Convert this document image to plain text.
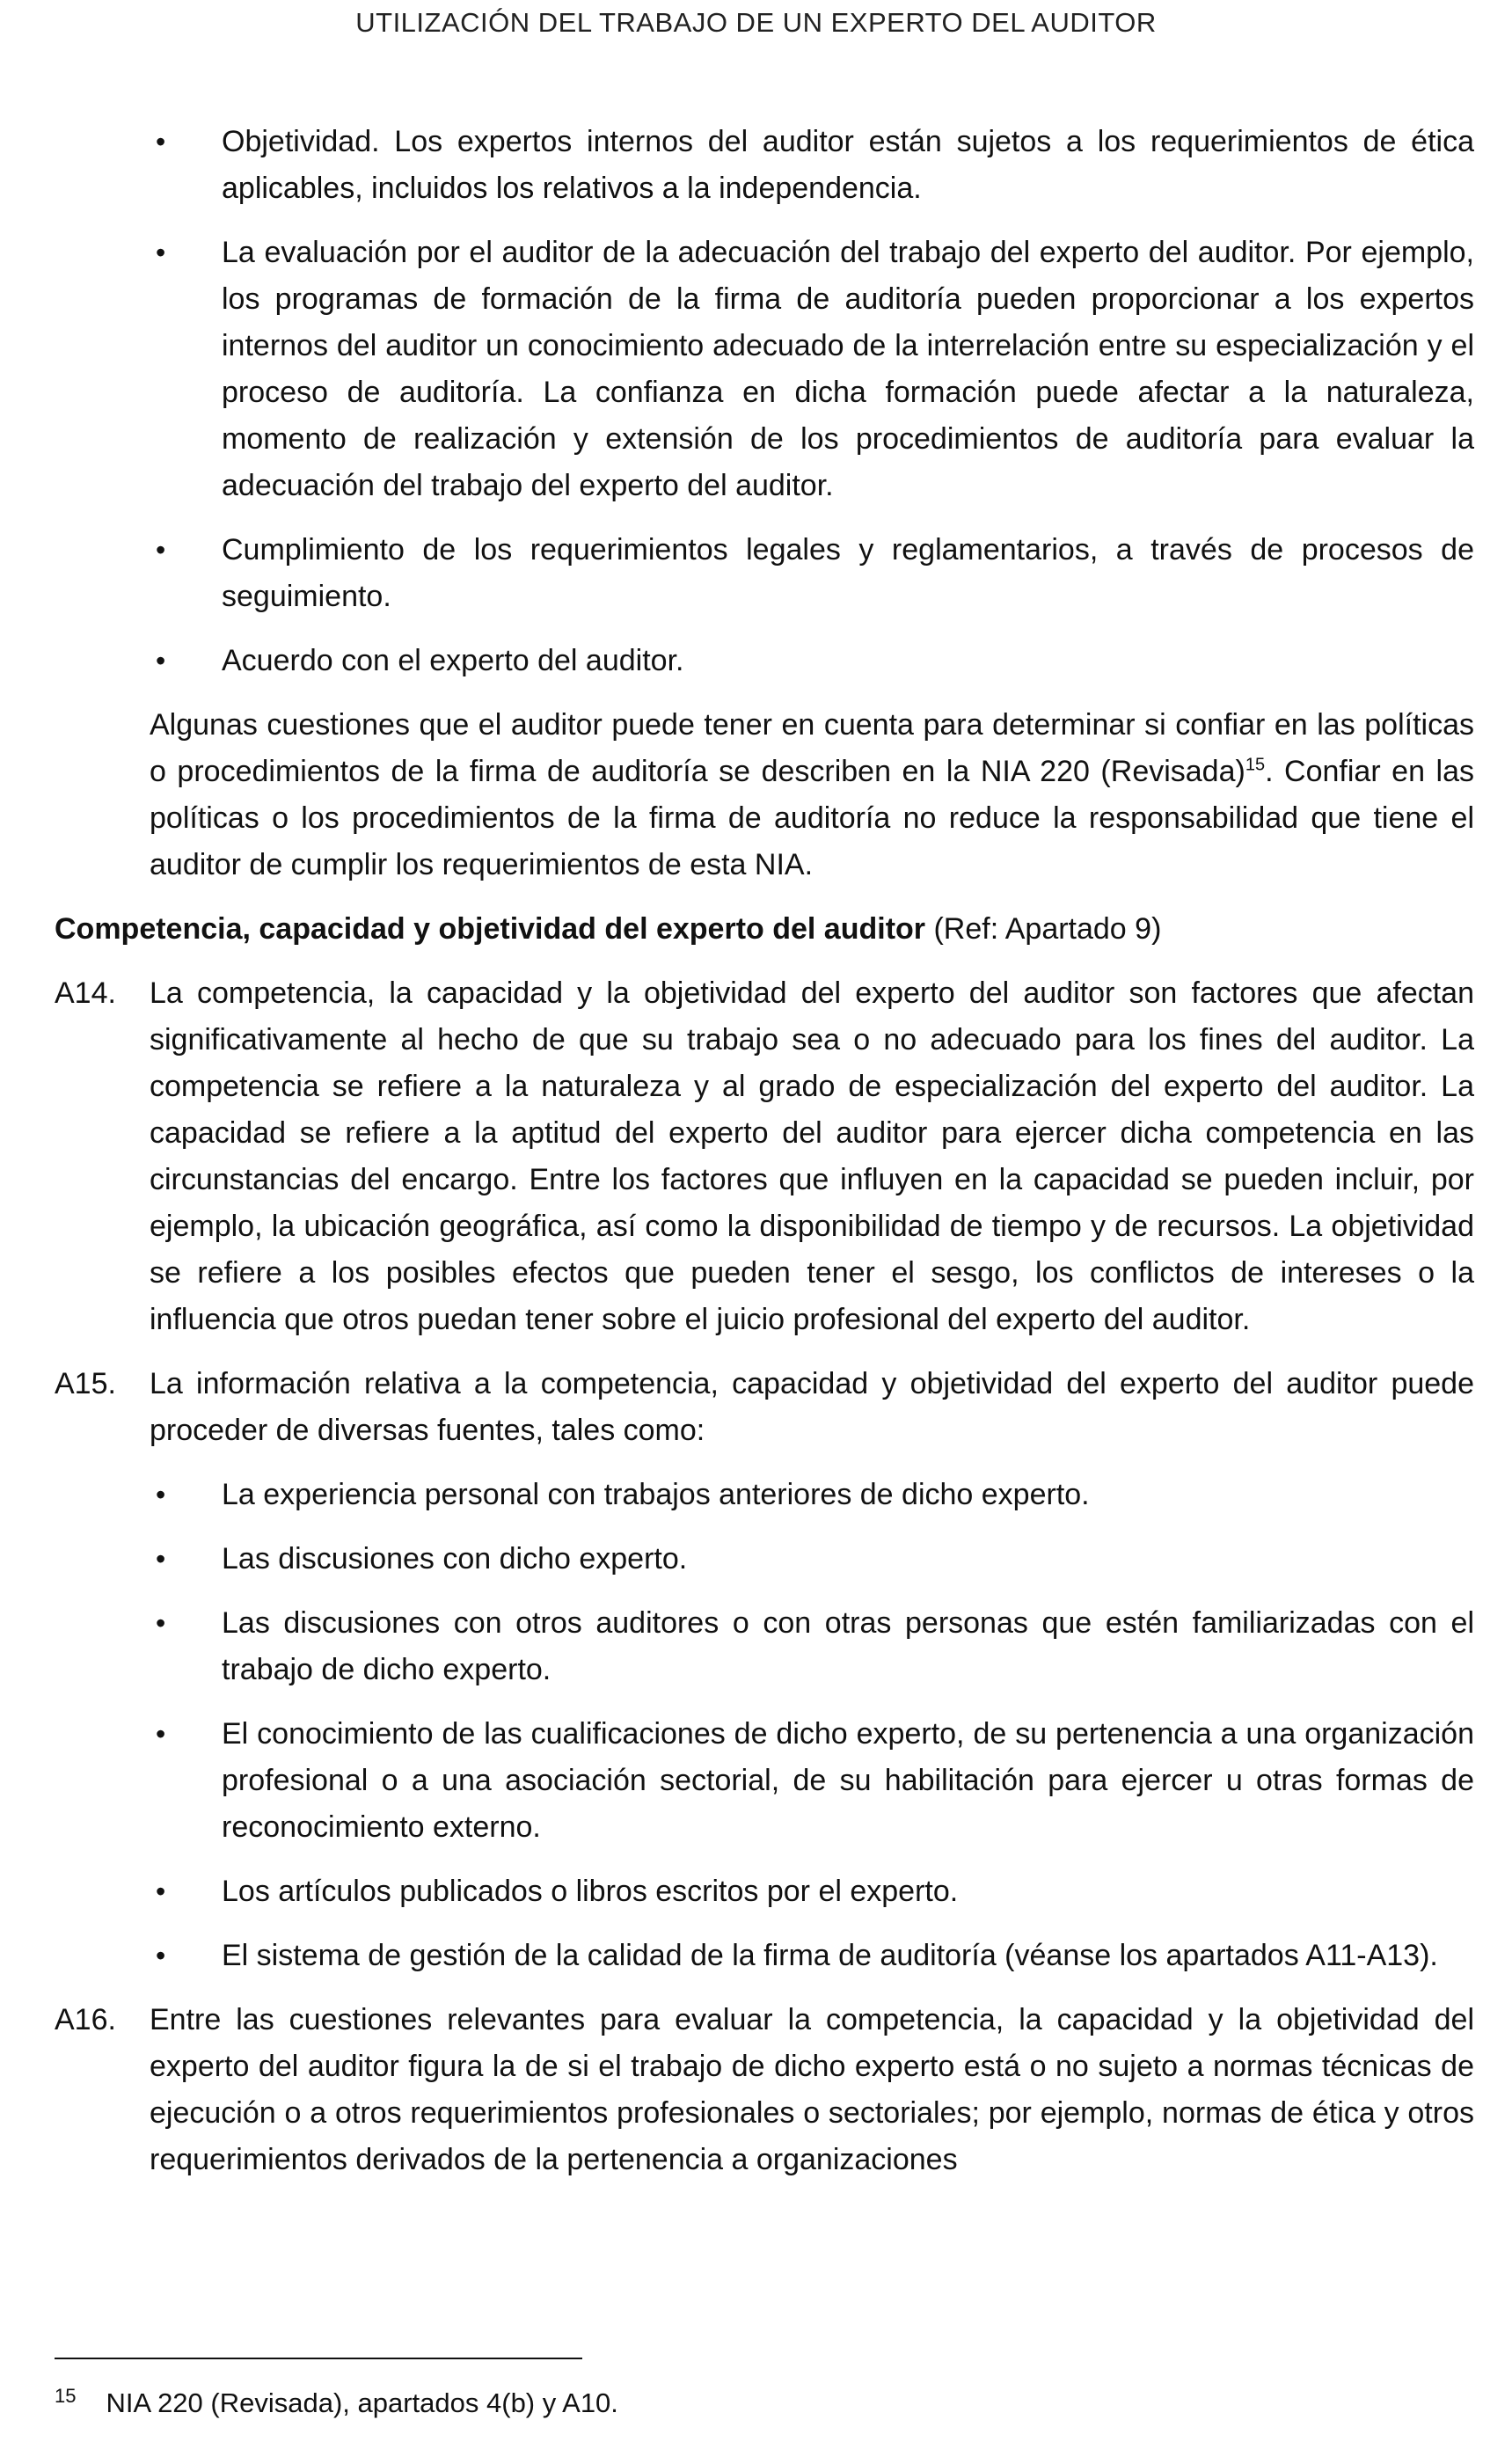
UTILIZACIÓN DEL TRABAJO DE UN EXPERTO DEL AUDITOR
• Objetividad. Los expertos internos del auditor están sujetos a los requerimientos de ética aplicables, incluidos los relativos a la independencia.
• La evaluación por el auditor de la adecuación del trabajo del experto del auditor. Por ejemplo, los programas de formación de la firma de auditoría pueden proporcionar a los expertos internos del auditor un conocimiento adecuado de la interrelación entre su especialización y el proceso de auditoría. La confianza en dicha formación puede afectar a la naturaleza, momento de realización y extensión de los procedimientos de auditoría para evaluar la adecuación del trabajo del experto del auditor.
• Cumplimiento de los requerimientos legales y reglamentarios, a través de procesos de seguimiento.
• Acuerdo con el experto del auditor.
Algunas cuestiones que el auditor puede tener en cuenta para determinar si confiar en las políticas o procedimientos de la firma de auditoría se describen en la NIA 220 (Revisada)$^{15}$. Confiar en las políticas o los procedimientos de la firma de auditoría no reduce la responsabilidad que tiene el auditor de cumplir los requerimientos de esta NIA.
Competencia, capacidad y objetividad del experto del auditor (Ref: Apartado 9)
A14. La competencia, la capacidad y la objetividad del experto del auditor son factores que afectan significativamente al hecho de que su trabajo sea o no adecuado para los fines del auditor. La competencia se refiere a la naturaleza y al grado de especialización del experto del auditor. La capacidad se refiere a la aptitud del experto del auditor para ejercer dicha competencia en las circunstancias del encargo. Entre los factores que influyen en la capacidad se pueden incluir, por ejemplo, la ubicación geográfica, así como la disponibilidad de tiempo y de recursos. La objetividad se refiere a los posibles efectos que pueden tener el sesgo, los conflictos de intereses o la influencia que otros puedan tener sobre el juicio profesional del experto del auditor.
A15. La información relativa a la competencia, capacidad y objetividad del experto del auditor puede proceder de diversas fuentes, tales como:
• La experiencia personal con trabajos anteriores de dicho experto.
• Las discusiones con dicho experto.
• Las discusiones con otros auditores o con otras personas que estén familiarizadas con el trabajo de dicho experto.
• El conocimiento de las cualificaciones de dicho experto, de su pertenencia a una organización profesional o a una asociación sectorial, de su habilitación para ejercer u otras formas de reconocimiento externo.
• Los artículos publicados o libros escritos por el experto.
• El sistema de gestión de la calidad de la firma de auditoría (véanse los apartados A11-A13).
A16. Entre las cuestiones relevantes para evaluar la competencia, la capacidad y la objetividad del experto del auditor figura la de si el trabajo de dicho experto está o no sujeto a normas técnicas de ejecución o a otros requerimientos profesionales o sectoriales; por ejemplo, normas de ética y otros requerimientos derivados de la pertenencia a organizaciones
$^{15}$ NIA 220 (Revisada), apartados 4(b) y A10.
